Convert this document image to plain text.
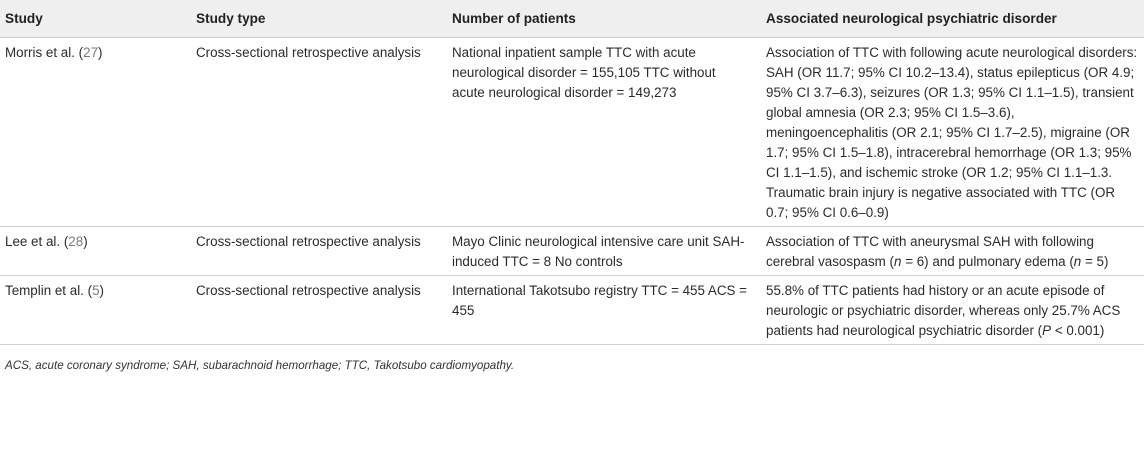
Study	Study type	Number of patients	Associated neurological psychiatric disorder
Morris et al. (27)	Cross-sectional retrospective analysis	National inpatient sample TTC with acute neurological disorder = 155,105 TTC without acute neurological disorder = 149,273	Association of TTC with following acute neurological disorders: SAH (OR 11.7; 95% CI 10.2–13.4), status epilepticus (OR 4.9; 95% CI 3.7–6.3), seizures (OR 1.3; 95% CI 1.1–1.5), transient global amnesia (OR 2.3; 95% CI 1.5–3.6), meningoencephalitis (OR 2.1; 95% CI 1.7–2.5), migraine (OR 1.7; 95% CI 1.5–1.8), intracerebral hemorrhage (OR 1.3; 95% CI 1.1–1.5), and ischemic stroke (OR 1.2; 95% CI 1.1–1.3. Traumatic brain injury is negative associated with TTC (OR 0.7; 95% CI 0.6–0.9)
Lee et al. (28)	Cross-sectional retrospective analysis	Mayo Clinic neurological intensive care unit SAH-induced TTC = 8 No controls	Association of TTC with aneurysmal SAH with following cerebral vasospasm (n = 6) and pulmonary edema (n = 5)
Templin et al. (5)	Cross-sectional retrospective analysis	International Takotsubo registry TTC = 455 ACS = 455	55.8% of TTC patients had history or an acute episode of neurologic or psychiatric disorder, whereas only 25.7% ACS patients had neurological psychiatric disorder (P < 0.001)
ACS, acute coronary syndrome; SAH, subarachnoid hemorrhage; TTC, Takotsubo cardiomyopathy.
